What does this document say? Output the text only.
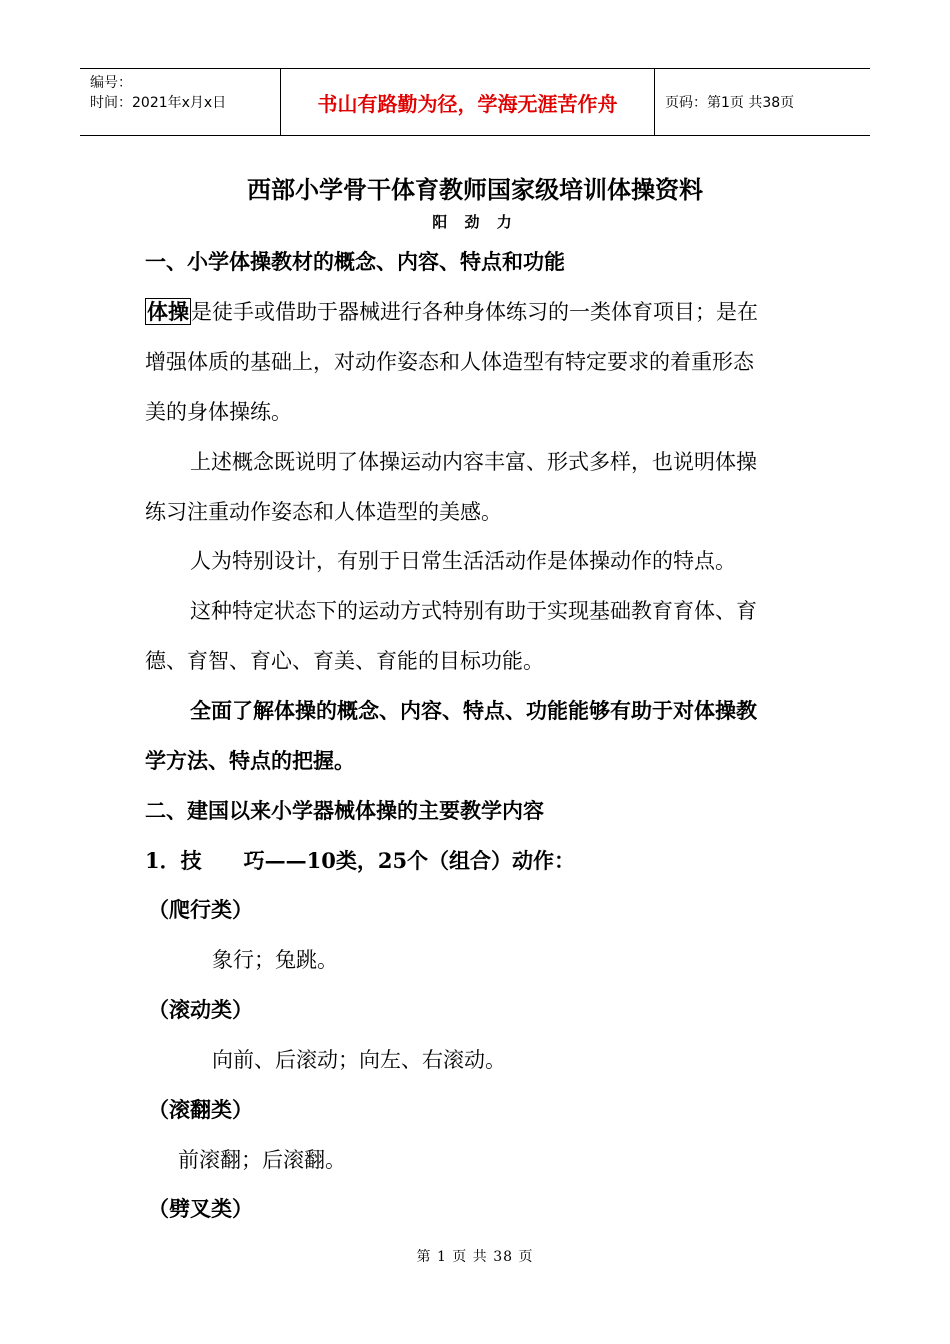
编号：
时间：2021年x月x日	书山有路勤为径，学海无涯苦作舟	页码：第1页 共38页
西部小学骨干体育教师国家级培训体操资料
阳 劲 力
一、小学体操教材的概念、内容、特点和功能
体操是徒手或借助于器械进行各种身体练习的一类体育项目；是在
增强体质的基础上，对动作姿态和人体造型有特定要求的着重形态
美的身体操练。
上述概念既说明了体操运动内容丰富、形式多样，也说明体操
练习注重动作姿态和人体造型的美感。
人为特别设计，有别于日常生活活动作是体操动作的特点。
这种特定状态下的运动方式特别有助于实现基础教育育体、育
德、育智、育心、育美、育能的目标功能。
全面了解体操的概念、内容、特点、功能能够有助于对体操教
学方法、特点的把握。
二、建国以来小学器械体操的主要教学内容
1．技　　巧——10类，25个（组合）动作：
（爬行类）
象行；兔跳。
（滚动类）
向前、后滚动；向左、右滚动。
（滚翻类）
前滚翻；后滚翻。
（劈叉类）
第 1 页 共 38 页
